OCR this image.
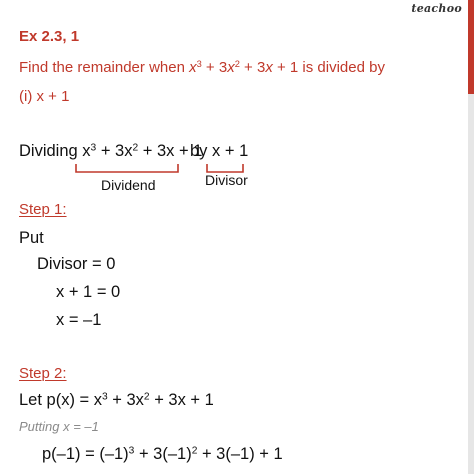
teachoo
Ex 2.3, 1
Find the remainder when $x^3 + 3x^2 + 3x + 1$ is divided by
(i) x + 1
Dividing $x^3 + 3x^2 + 3x + 1$
by x + 1
Dividend	Divisor
Step 1:
Put
Divisor = 0
x + 1 = 0
x = –1
Step 2:
Let $p(x) = x^3 + 3x^2 + 3x + 1$
Putting x = –1
$p(-1) = (-1)^3 + 3(-1)^2 + 3(-1) + 1$
